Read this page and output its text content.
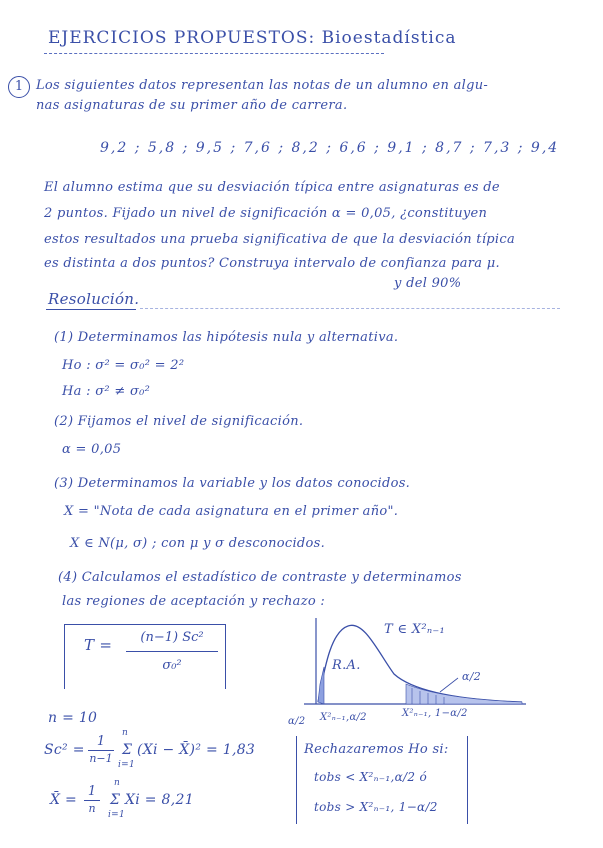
EJERCICIOS PROPUESTOS: Bioestadística
1 Los siguientes datos representan las notas de un alumno en algu-
nas asignaturas de su primer año de carrera.
9,2 ; 5,8 ; 9,5 ; 7,6 ; 8,2 ; 6,6 ; 9,1 ; 8,7 ; 7,3 ; 9,4
El alumno estima que su desviación típica entre asignaturas es de
2 puntos. Fijado un nivel de significación α = 0,05, ¿constituyen
estos resultados una prueba significativa de que la desviación típica
es distinta a dos puntos? Construya intervalo de confianza para μ.
y del 90%
Resolución.
(1) Determinamos las hipótesis nula y alternativa.
Ho : σ² = σ₀² = 2²
Ha : σ² ≠ σ₀²
(2) Fijamos el nivel de significación.
α = 0,05
(3) Determinamos la variable y los datos conocidos.
X = "Nota de cada asignatura en el primer año".
X ∈ N(μ, σ) ; con μ y σ desconocidos.
(4) Calculamos el estadístico de contraste y determinamos
las regiones de aceptación y rechazo :
T =	(n−1) Sc²
σ₀²
T ∈ X²ₙ₋₁
R.A.
α/2
α/2 X²ₙ₋₁,α/2	X²ₙ₋₁, 1−α/2
n = 10
Sc² =
1
n−1
n
Σ (Xi − X̄)² = 1,83
i=1
X̄ =
1
n
n
Σ Xi = 8,21
i=1
Rechazaremos Ho si:
tobs < X²ₙ₋₁,α/2 ó
tobs > X²ₙ₋₁, 1−α/2
